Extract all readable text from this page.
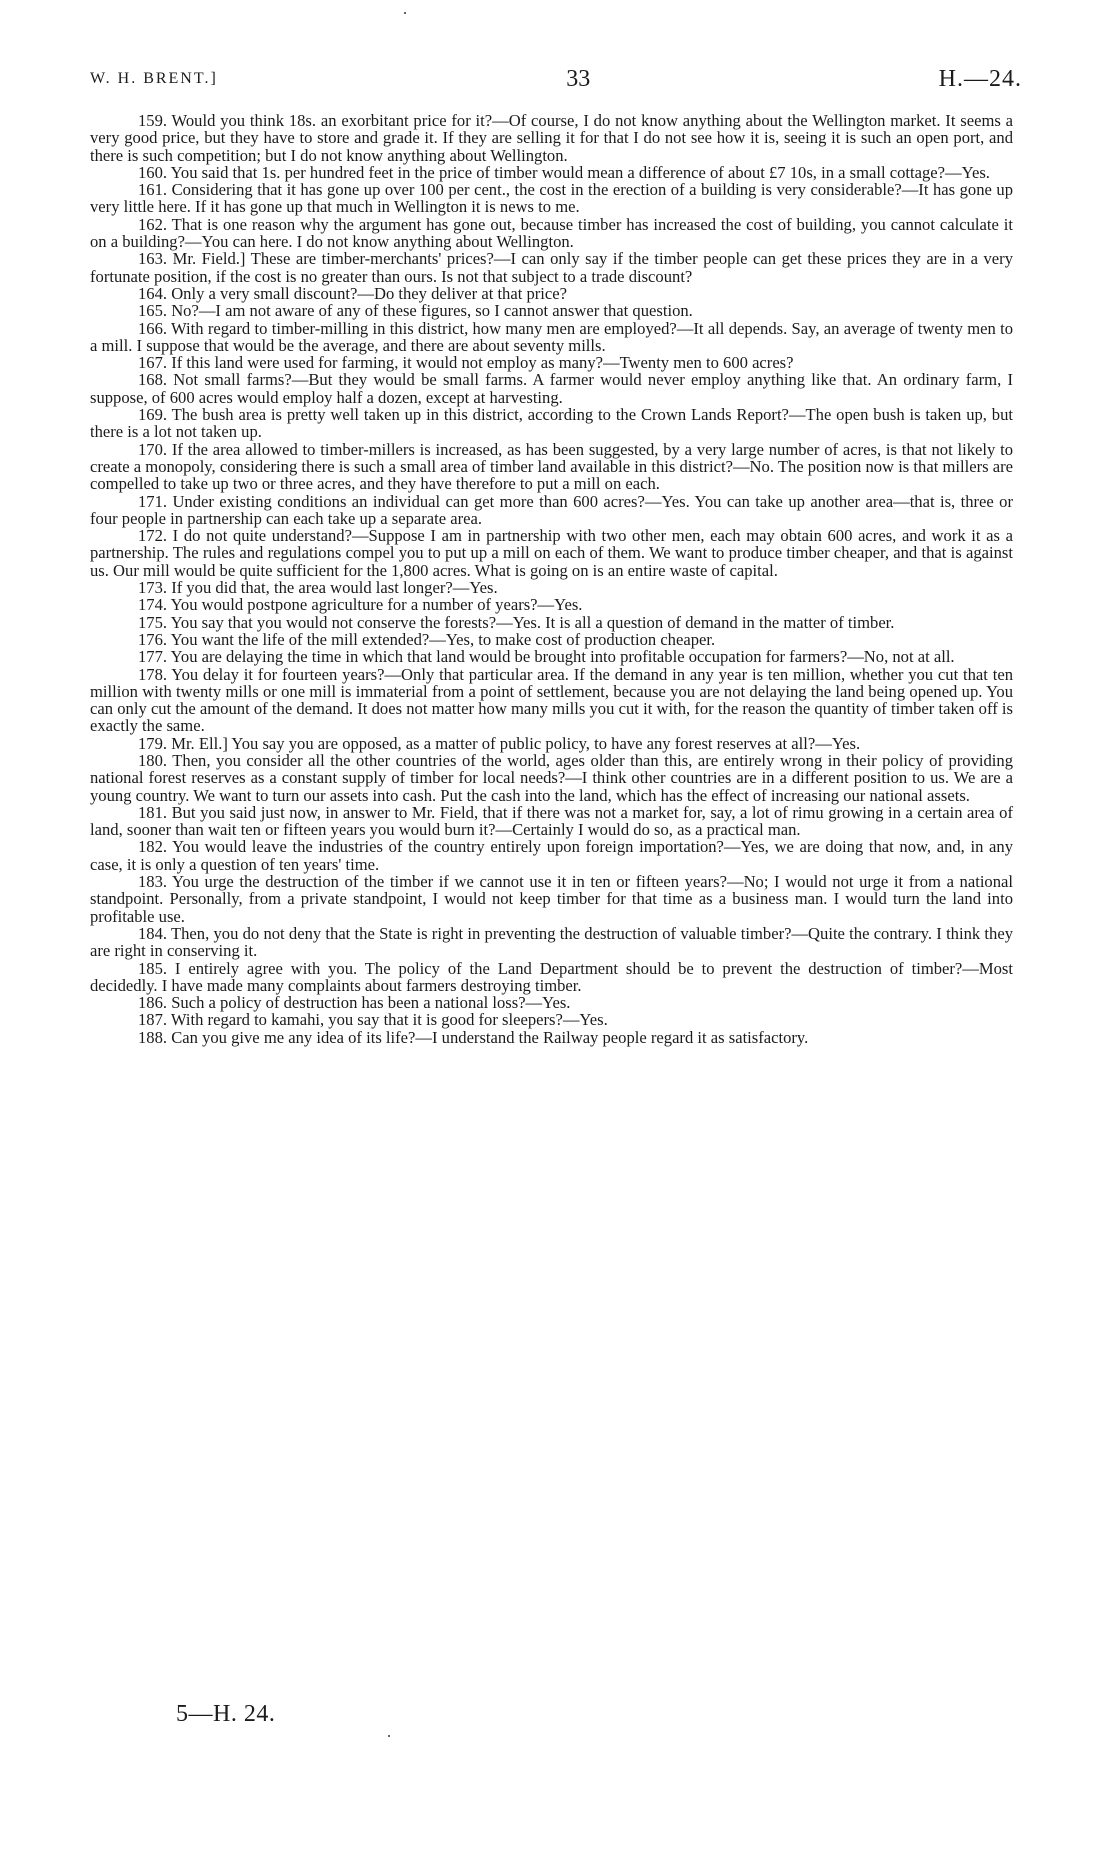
W. H. BRENT.]	33	H.—24.

159. Would you think 18s. an exorbitant price for it?—Of course, I do not know anything about the Wellington market. It seems a very good price, but they have to store and grade it. If they are selling it for that I do not see how it is, seeing it is such an open port, and there is such competition; but I do not know anything about Wellington.

160. You said that 1s. per hundred feet in the price of timber would mean a difference of about £7 10s, in a small cottage?—Yes.

161. Considering that it has gone up over 100 per cent., the cost in the erection of a building is very considerable?—It has gone up very little here. If it has gone up that much in Wellington it is news to me.

162. That is one reason why the argument has gone out, because timber has increased the cost of building, you cannot calculate it on a building?—You can here. I do not know anything about Wellington.

163. Mr. Field.] These are timber-merchants' prices?—I can only say if the timber people can get these prices they are in a very fortunate position, if the cost is no greater than ours. Is not that subject to a trade discount?

164. Only a very small discount?—Do they deliver at that price?

165. No?—I am not aware of any of these figures, so I cannot answer that question.

166. With regard to timber-milling in this district, how many men are employed?—It all depends. Say, an average of twenty men to a mill. I suppose that would be the average, and there are about seventy mills.

167. If this land were used for farming, it would not employ as many?—Twenty men to 600 acres?

168. Not small farms?—But they would be small farms. A farmer would never employ anything like that. An ordinary farm, I suppose, of 600 acres would employ half a dozen, except at harvesting.

169. The bush area is pretty well taken up in this district, according to the Crown Lands Report?—The open bush is taken up, but there is a lot not taken up.

170. If the area allowed to timber-millers is increased, as has been suggested, by a very large number of acres, is that not likely to create a monopoly, considering there is such a small area of timber land available in this district?—No. The position now is that millers are compelled to take up two or three acres, and they have therefore to put a mill on each.

171. Under existing conditions an individual can get more than 600 acres?—Yes. You can take up another area—that is, three or four people in partnership can each take up a separate area.

172. I do not quite understand?—Suppose I am in partnership with two other men, each may obtain 600 acres, and work it as a partnership. The rules and regulations compel you to put up a mill on each of them. We want to produce timber cheaper, and that is against us. Our mill would be quite sufficient for the 1,800 acres. What is going on is an entire waste of capital.

173. If you did that, the area would last longer?—Yes.

174. You would postpone agriculture for a number of years?—Yes.

175. You say that you would not conserve the forests?—Yes. It is all a question of demand in the matter of timber.

176. You want the life of the mill extended?—Yes, to make cost of production cheaper.

177. You are delaying the time in which that land would be brought into profitable occupation for farmers?—No, not at all.

178. You delay it for fourteen years?—Only that particular area. If the demand in any year is ten million, whether you cut that ten million with twenty mills or one mill is immaterial from a point of settlement, because you are not delaying the land being opened up. You can only cut the amount of the demand. It does not matter how many mills you cut it with, for the reason the quantity of timber taken off is exactly the same.

179. Mr. Ell.] You say you are opposed, as a matter of public policy, to have any forest reserves at all?—Yes.

180. Then, you consider all the other countries of the world, ages older than this, are entirely wrong in their policy of providing national forest reserves as a constant supply of timber for local needs?—I think other countries are in a different position to us. We are a young country. We want to turn our assets into cash. Put the cash into the land, which has the effect of increasing our national assets.

181. But you said just now, in answer to Mr. Field, that if there was not a market for, say, a lot of rimu growing in a certain area of land, sooner than wait ten or fifteen years you would burn it?—Certainly I would do so, as a practical man.

182. You would leave the industries of the country entirely upon foreign importation?—Yes, we are doing that now, and, in any case, it is only a question of ten years' time.

183. You urge the destruction of the timber if we cannot use it in ten or fifteen years?—No; I would not urge it from a national standpoint. Personally, from a private standpoint, I would not keep timber for that time as a business man. I would turn the land into profitable use.

184. Then, you do not deny that the State is right in preventing the destruction of valuable timber?—Quite the contrary. I think they are right in conserving it.

185. I entirely agree with you. The policy of the Land Department should be to prevent the destruction of timber?—Most decidedly. I have made many complaints about farmers destroying timber.

186. Such a policy of destruction has been a national loss?—Yes.

187. With regard to kamahi, you say that it is good for sleepers?—Yes.

188. Can you give me any idea of its life?—I understand the Railway people regard it as satisfactory.

5—H. 24.
